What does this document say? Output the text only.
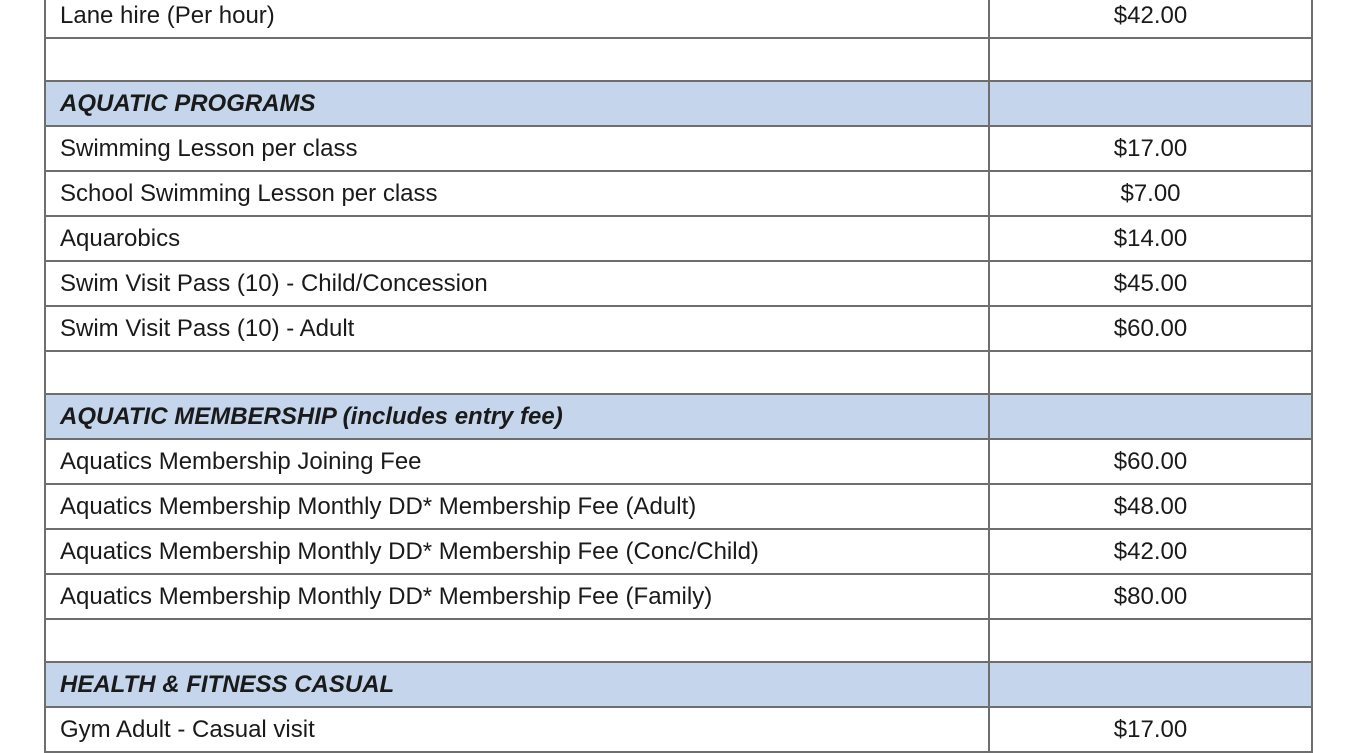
Lane hire (Per hour)	$42.00

AQUATIC PROGRAMS	
Swimming Lesson per class	$17.00
School Swimming Lesson per class	$7.00
Aquarobics	$14.00
Swim Visit Pass (10) - Child/Concession	$45.00
Swim Visit Pass (10) - Adult	$60.00

AQUATIC MEMBERSHIP (includes entry fee)	
Aquatics Membership Joining Fee	$60.00
Aquatics Membership Monthly DD* Membership Fee (Adult)	$48.00
Aquatics Membership Monthly DD* Membership Fee (Conc/Child)	$42.00
Aquatics Membership Monthly DD* Membership Fee (Family)	$80.00

HEALTH & FITNESS CASUAL	
Gym Adult - Casual visit	$17.00
